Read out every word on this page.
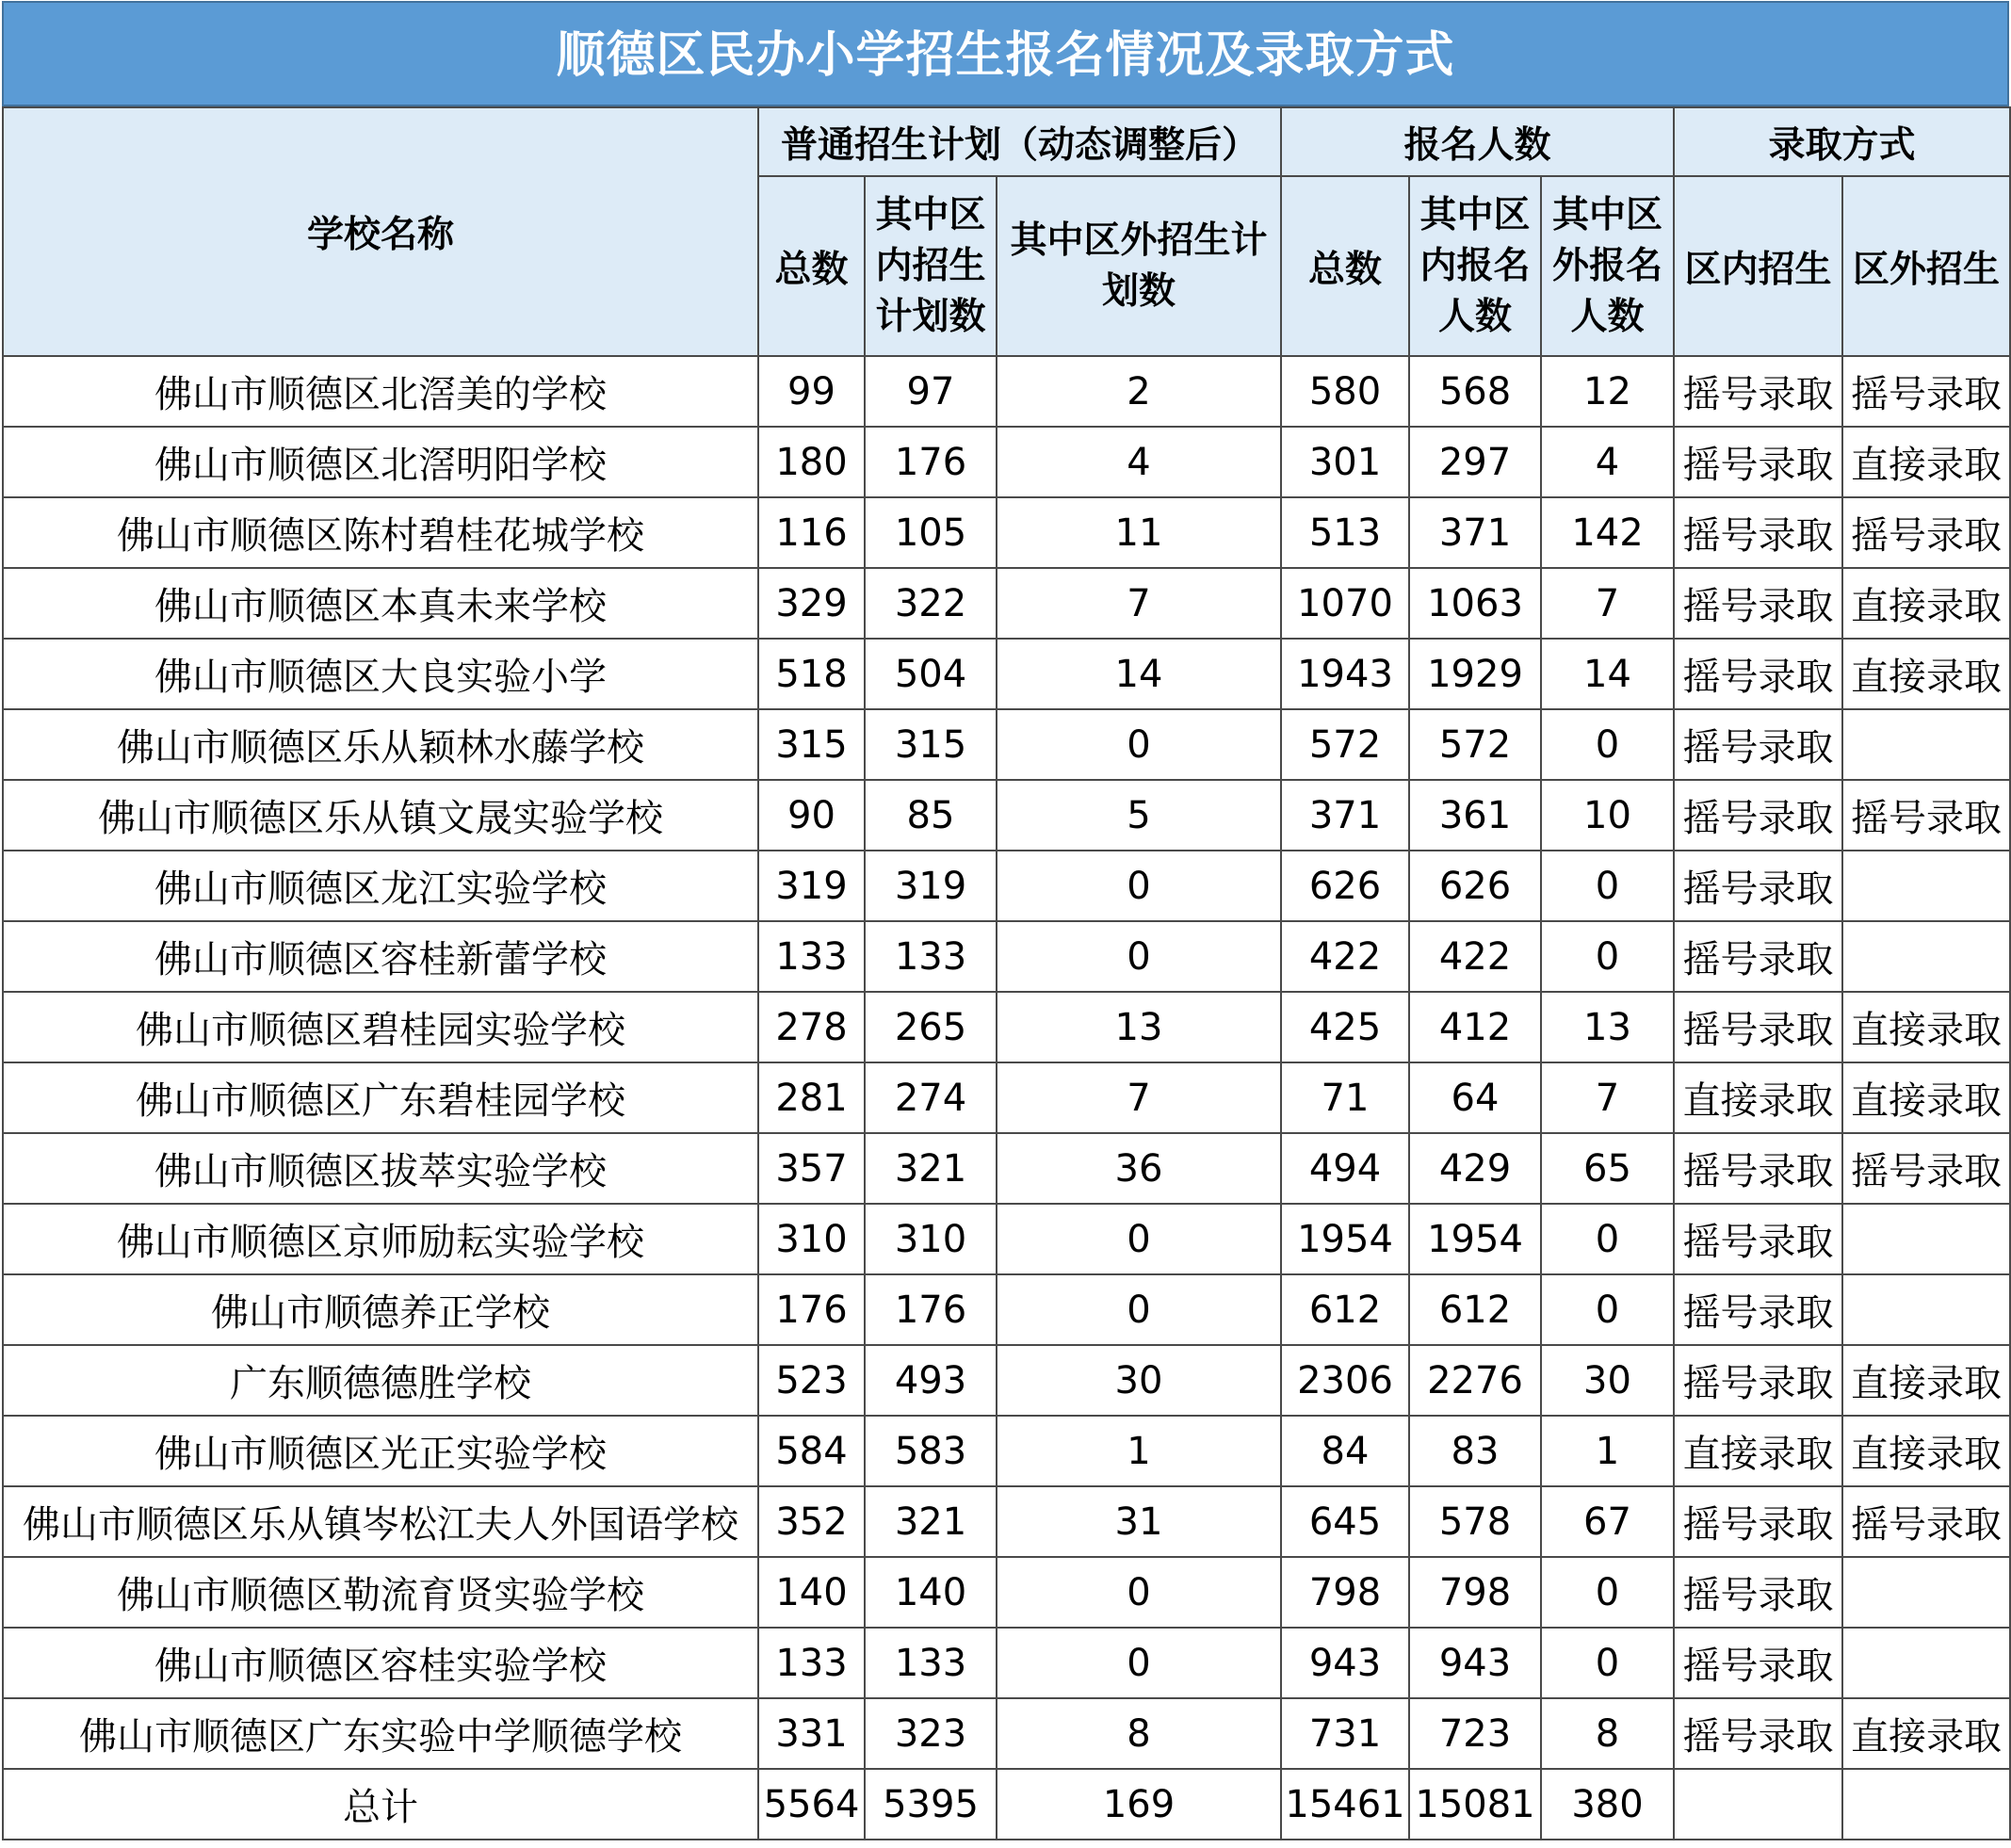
顺德区民办小学招生报名情况及录取方式
学校名称	普通招生计划（动态调整后）			报名人数			录取方式	
	总数	其中区内招生计划数	其中区外招生计划数	总数	其中区内报名人数	其中区外报名人数	区内招生	区外招生
佛山市顺德区北滘美的学校	99	97	2	580	568	12	摇号录取	摇号录取
佛山市顺德区北滘明阳学校	180	176	4	301	297	4	摇号录取	直接录取
佛山市顺德区陈村碧桂花城学校	116	105	11	513	371	142	摇号录取	摇号录取
佛山市顺德区本真未来学校	329	322	7	1070	1063	7	摇号录取	直接录取
佛山市顺德区大良实验小学	518	504	14	1943	1929	14	摇号录取	直接录取
佛山市顺德区乐从颖林水藤学校	315	315	0	572	572	0	摇号录取	
佛山市顺德区乐从镇文晟实验学校	90	85	5	371	361	10	摇号录取	摇号录取
佛山市顺德区龙江实验学校	319	319	0	626	626	0	摇号录取	
佛山市顺德区容桂新蕾学校	133	133	0	422	422	0	摇号录取	
佛山市顺德区碧桂园实验学校	278	265	13	425	412	13	摇号录取	直接录取
佛山市顺德区广东碧桂园学校	281	274	7	71	64	7	直接录取	直接录取
佛山市顺德区拔萃实验学校	357	321	36	494	429	65	摇号录取	摇号录取
佛山市顺德区京师励耘实验学校	310	310	0	1954	1954	0	摇号录取	
佛山市顺德养正学校	176	176	0	612	612	0	摇号录取	
广东顺德德胜学校	523	493	30	2306	2276	30	摇号录取	直接录取
佛山市顺德区光正实验学校	584	583	1	84	83	1	直接录取	直接录取
佛山市顺德区乐从镇岑松江夫人外国语学校	352	321	31	645	578	67	摇号录取	摇号录取
佛山市顺德区勒流育贤实验学校	140	140	0	798	798	0	摇号录取	
佛山市顺德区容桂实验学校	133	133	0	943	943	0	摇号录取	
佛山市顺德区广东实验中学顺德学校	331	323	8	731	723	8	摇号录取	直接录取
总计	5564	5395	169	15461	15081	380		
